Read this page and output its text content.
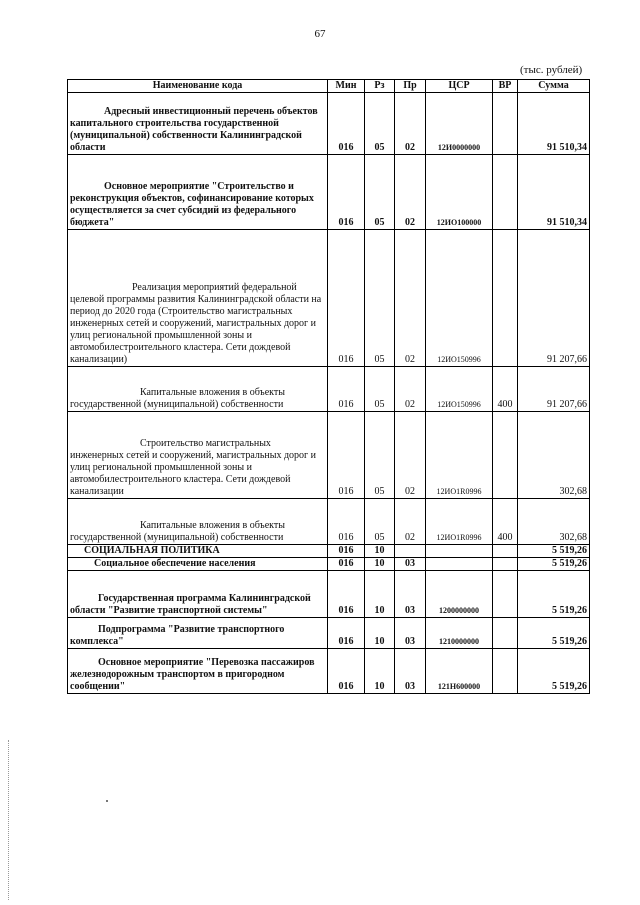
67
(тыс. рублей)
Наименование кода	Мин	Рз	Пр	ЦСР	ВР	Сумма
Адресный инвестиционный перечень объектов капитального строительства государственной (муниципальной) собственности Калининградской области	016	05	02	12И0000000		91 510,34
Основное мероприятие "Строительство и реконструкция объектов, софинансирование которых осуществляется за счет субсидий из федерального бюджета"	016	05	02	12ИО100000		91 510,34
Реализация мероприятий федеральной целевой программы развития Калининградской области на период до 2020 года (Строительство магистральных инженерных сетей и сооружений, магистральных дорог и улиц региональной промышленной зоны и автомобилестроительного кластера. Сети дождевой канализации)	016	05	02	12ИО150996		91 207,66
Капитальные вложения в объекты государственной (муниципальной) собственности	016	05	02	12ИО150996	400	91 207,66
Строительство магистральных инженерных сетей и сооружений, магистральных дорог и улиц региональной промышленной зоны и автомобилестроительного кластера. Сети дождевой канализации	016	05	02	12ИО1R0996		302,68
Капитальные вложения в объекты государственной (муниципальной) собственности	016	05	02	12ИО1R0996	400	302,68
СОЦИАЛЬНАЯ ПОЛИТИКА	016	10				5 519,26
Социальное обеспечение населения	016	10	03			5 519,26
Государственная программа Калининградской области "Развитие транспортной системы"	016	10	03	1200000000		5 519,26
Подпрограмма "Развитие транспортного комплекса"	016	10	03	1210000000		5 519,26
Основное мероприятие "Перевозка пассажиров железнодорожным транспортом в пригородном сообщении"	016	10	03	121Н600000		5 519,26
